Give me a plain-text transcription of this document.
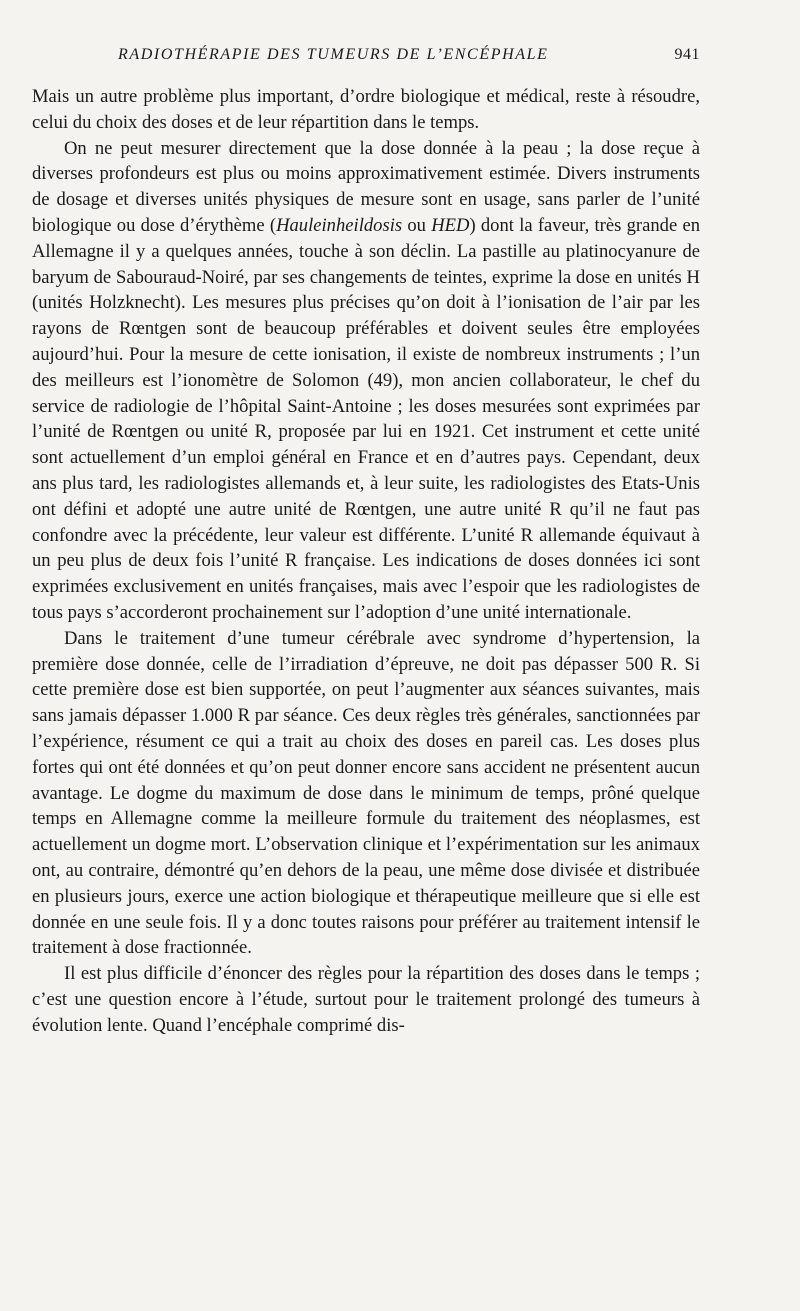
RADIOTHÉRAPIE DES TUMEURS DE L’ENCÉPHALE	941

Mais un autre problème plus important, d’ordre biologique et médical, reste à résoudre, celui du choix des doses et de leur répartition dans le temps.

On ne peut mesurer directement que la dose donnée à la peau ; la dose reçue à diverses profondeurs est plus ou moins approximativement estimée. Divers instruments de dosage et diverses unités physiques de mesure sont en usage, sans parler de l’unité biologique ou dose d’érythème (Hauleinheildosis ou HED) dont la faveur, très grande en Allemagne il y a quelques années, touche à son déclin. La pastille au platinocyanure de baryum de Sabouraud-Noiré, par ses changements de teintes, exprime la dose en unités H (unités Holzknecht). Les mesures plus précises qu’on doit à l’ionisation de l’air par les rayons de Rœntgen sont de beaucoup préférables et doivent seules être employées aujourd’hui. Pour la mesure de cette ionisation, il existe de nombreux instruments ; l’un des meilleurs est l’ionomètre de Solomon (49), mon ancien collaborateur, le chef du service de radiologie de l’hôpital Saint-Antoine ; les doses mesurées sont exprimées par l’unité de Rœntgen ou unité R, proposée par lui en 1921. Cet instrument et cette unité sont actuellement d’un emploi général en France et en d’autres pays. Cependant, deux ans plus tard, les radiologistes allemands et, à leur suite, les radiologistes des Etats-Unis ont défini et adopté une autre unité de Rœntgen, une autre unité R qu’il ne faut pas confondre avec la précédente, leur valeur est différente. L’unité R allemande équivaut à un peu plus de deux fois l’unité R française. Les indications de doses données ici sont exprimées exclusivement en unités françaises, mais avec l’espoir que les radiologistes de tous pays s’accorderont prochainement sur l’adoption d’une unité internationale.

Dans le traitement d’une tumeur cérébrale avec syndrome d’hypertension, la première dose donnée, celle de l’irradiation d’épreuve, ne doit pas dépasser 500 R. Si cette première dose est bien supportée, on peut l’augmenter aux séances suivantes, mais sans jamais dépasser 1.000 R par séance. Ces deux règles très générales, sanctionnées par l’expérience, résument ce qui a trait au choix des doses en pareil cas. Les doses plus fortes qui ont été données et qu’on peut donner encore sans accident ne présentent aucun avantage. Le dogme du maximum de dose dans le minimum de temps, prôné quelque temps en Allemagne comme la meilleure formule du traitement des néoplasmes, est actuellement un dogme mort. L’observation clinique et l’expérimentation sur les animaux ont, au contraire, démontré qu’en dehors de la peau, une même dose divisée et distribuée en plusieurs jours, exerce une action biologique et thérapeutique meilleure que si elle est donnée en une seule fois. Il y a donc toutes raisons pour préférer au traitement intensif le traitement à dose fractionnée.

Il est plus difficile d’énoncer des règles pour la répartition des doses dans le temps ; c’est une question encore à l’étude, surtout pour le traitement prolongé des tumeurs à évolution lente. Quand l’encéphale comprimé dis-
